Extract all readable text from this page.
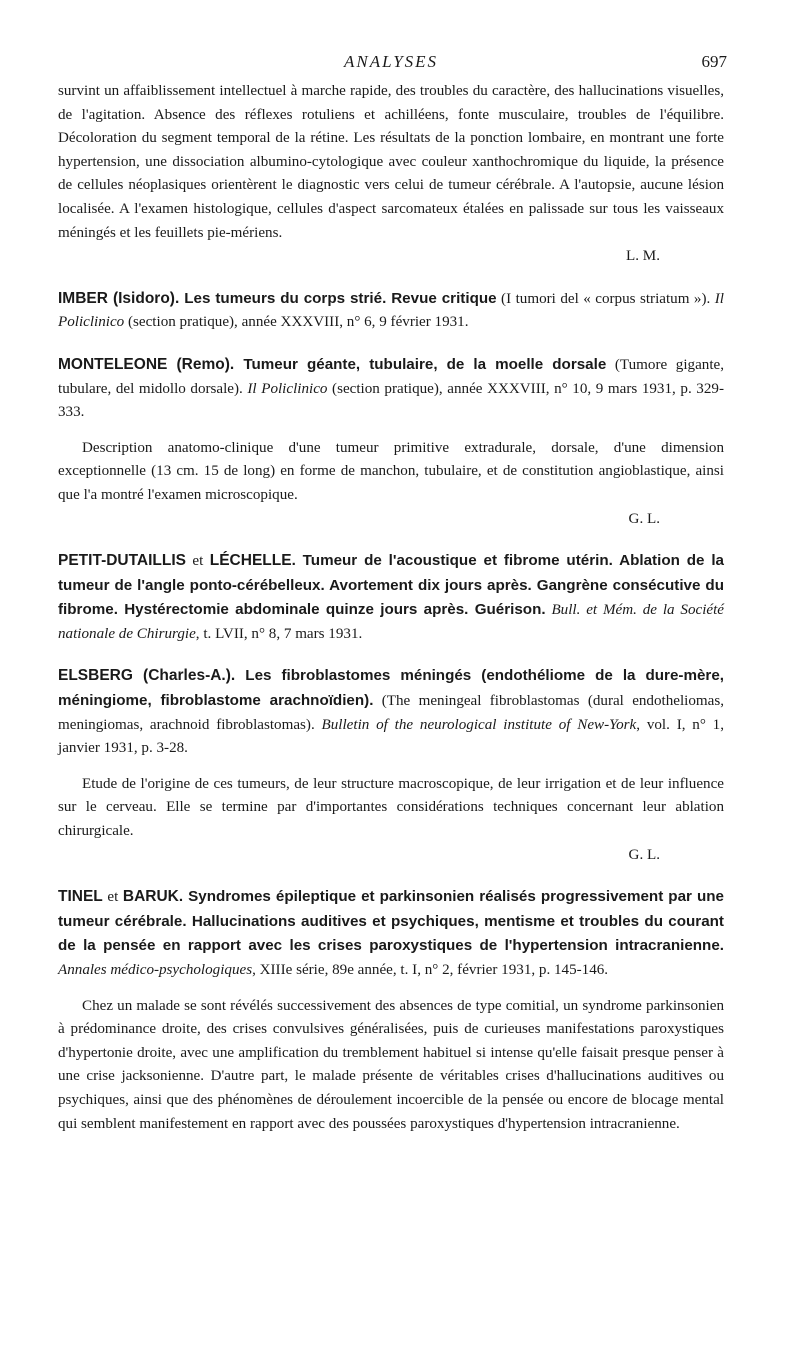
ANALYSES	697

survint un affaiblissement intellectuel à marche rapide, des troubles du caractère, des hallucinations visuelles, de l'agitation. Absence des réflexes rotuliens et achilléens, fonte musculaire, troubles de l'équilibre. Décoloration du segment temporal de la rétine. Les résultats de la ponction lombaire, en montrant une forte hypertension, une dissociation albumino-cytologique avec couleur xanthochromique du liquide, la présence de cellules néoplasiques orientèrent le diagnostic vers celui de tumeur cérébrale. A l'autopsie, aucune lésion localisée. A l'examen histologique, cellules d'aspect sarcomateux étalées en palissade sur tous les vaisseaux méningés et les feuillets pie-mériens.

L. M.
IMBER (Isidoro). Les tumeurs du corps strié. Revue critique (I tumori del « corpus striatum »). Il Policlinico (section pratique), année XXXVIII, n° 6, 9 février 1931.
MONTELEONE (Remo). Tumeur géante, tubulaire, de la moelle dorsale (Tumore gigante, tubulare, del midollo dorsale). Il Policlinico (section pratique), année XXXVIII, n° 10, 9 mars 1931, p. 329-333.

Description anatomo-clinique d'une tumeur primitive extradurale, dorsale, d'une dimension exceptionnelle (13 cm. 15 de long) en forme de manchon, tubulaire, et de constitution angioblastique, ainsi que l'a montré l'examen microscopique.

G. L.
PETIT-DUTAILLIS et LÉCHELLE. Tumeur de l'acoustique et fibrome utérin. Ablation de la tumeur de l'angle ponto-cérébelleux. Avortement dix jours après. Gangrène consécutive du fibrome. Hystérectomie abdominale quinze jours après. Guérison. Bull. et Mém. de la Société nationale de Chirurgie, t. LVII, n° 8, 7 mars 1931.
ELSBERG (Charles-A.). Les fibroblastomes méningés (endothéliome de la dure-mère, méningiome, fibroblastome arachnoïdien). (The meningeal fibroblastomas (dural endotheliomas, meningiomas, arachnoid fibroblastomas). Bulletin of the neurological institute of New-York, vol. I, n° 1, janvier 1931, p. 3-28.

Etude de l'origine de ces tumeurs, de leur structure macroscopique, de leur irrigation et de leur influence sur le cerveau. Elle se termine par d'importantes considérations techniques concernant leur ablation chirurgicale.

G. L.
TINEL et BARUK. Syndromes épileptique et parkinsonien réalisés progressivement par une tumeur cérébrale. Hallucinations auditives et psychiques, mentisme et troubles du courant de la pensée en rapport avec les crises paroxystiques de l'hypertension intracranienne. Annales médico-psychologiques, XIIIe série, 89e année, t. I, n° 2, février 1931, p. 145-146.

Chez un malade se sont révélés successivement des absences de type comitial, un syndrome parkinsonien à prédominance droite, des crises convulsives généralisées, puis de curieuses manifestations paroxystiques d'hypertonie droite, avec une amplification du tremblement habituel si intense qu'elle faisait presque penser à une crise jacksonienne. D'autre part, le malade présente de véritables crises d'hallucinations auditives ou psychiques, ainsi que des phénomènes de déroulement incoercible de la pensée ou encore de blocage mental qui semblent manifestement en rapport avec des poussées paroxystiques d'hypertension intracranienne.
